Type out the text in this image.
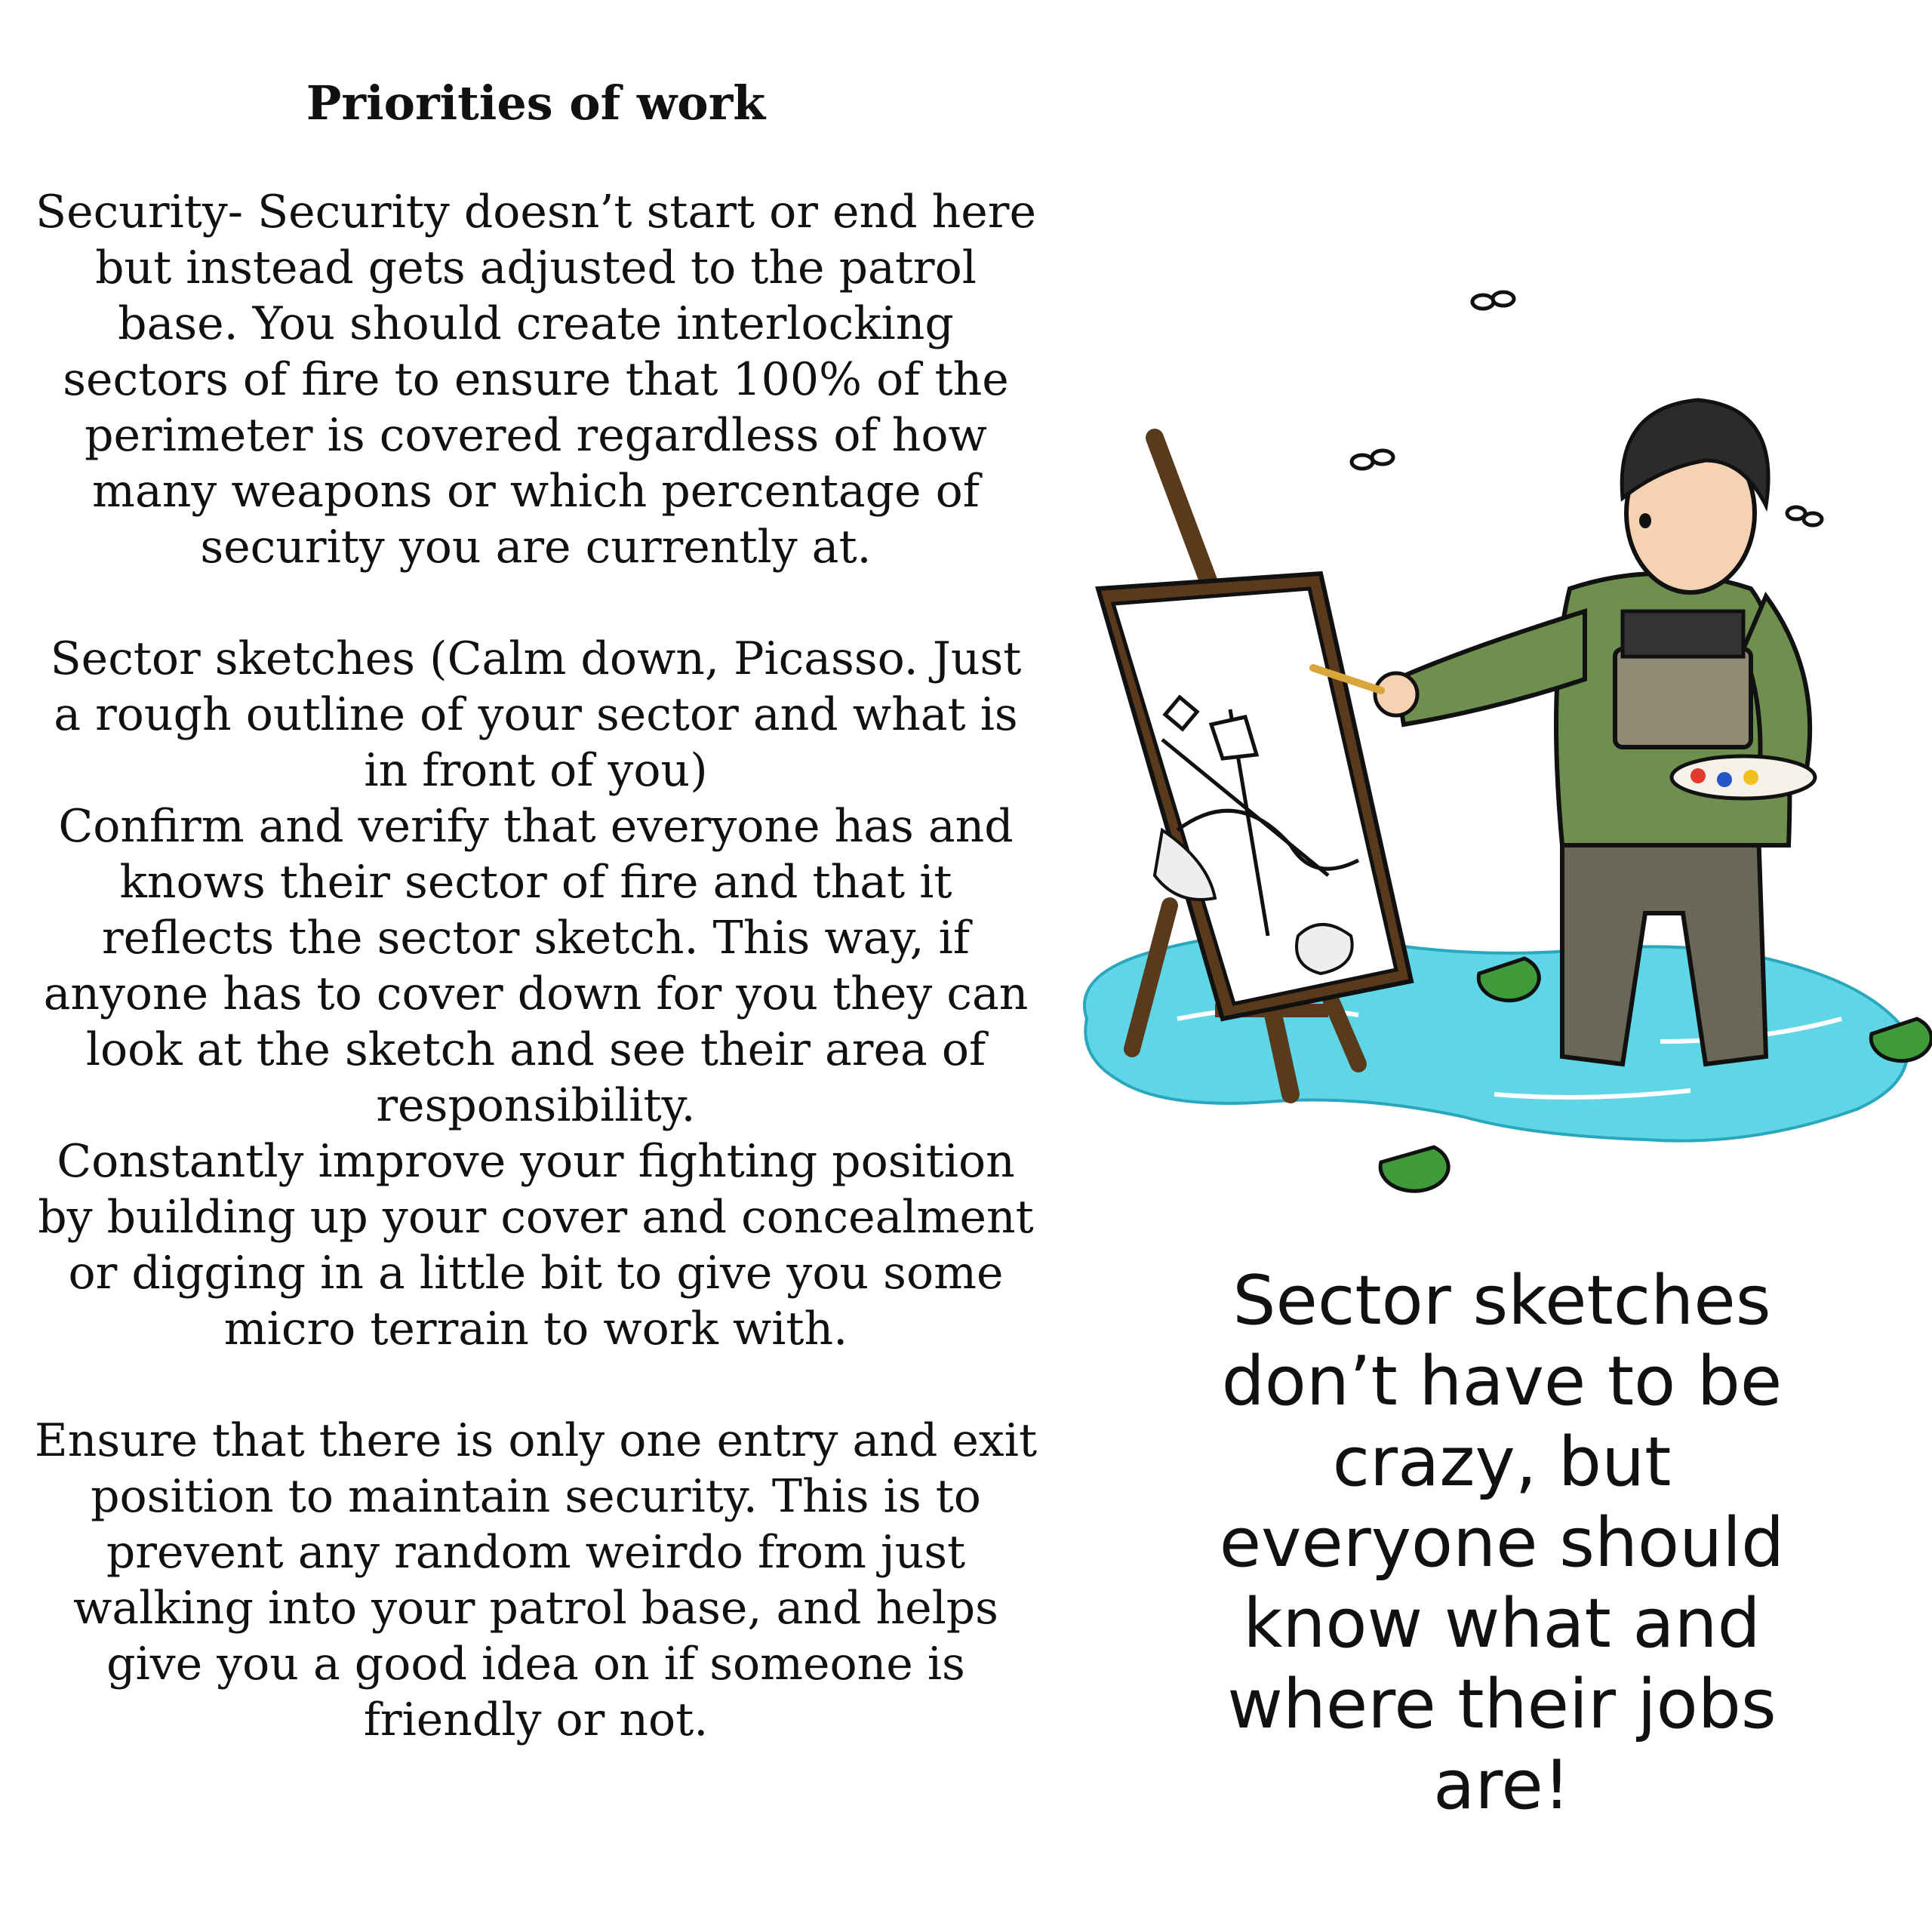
Priorities of work

Security- Security doesn’t start or end here but instead gets adjusted to the patrol base. You should create interlocking sectors of fire to ensure that 100% of the perimeter is covered regardless of how many weapons or which percentage of security you are currently at.

Sector sketches (Calm down, Picasso. Just a rough outline of your sector and what is in front of you)

Confirm and verify that everyone has and knows their sector of fire and that it reflects the sector sketch. This way, if anyone has to cover down for you they can look at the sketch and see their area of responsibility.

Constantly improve your fighting position by building up your cover and concealment or digging in a little bit to give you some micro terrain to work with.

Ensure that there is only one entry and exit position to maintain security. This is to prevent any random weirdo from just walking into your patrol base, and helps give you a good idea on if someone is friendly or not.

Sector sketches don’t have to be crazy, but everyone should know what and where their jobs are!
